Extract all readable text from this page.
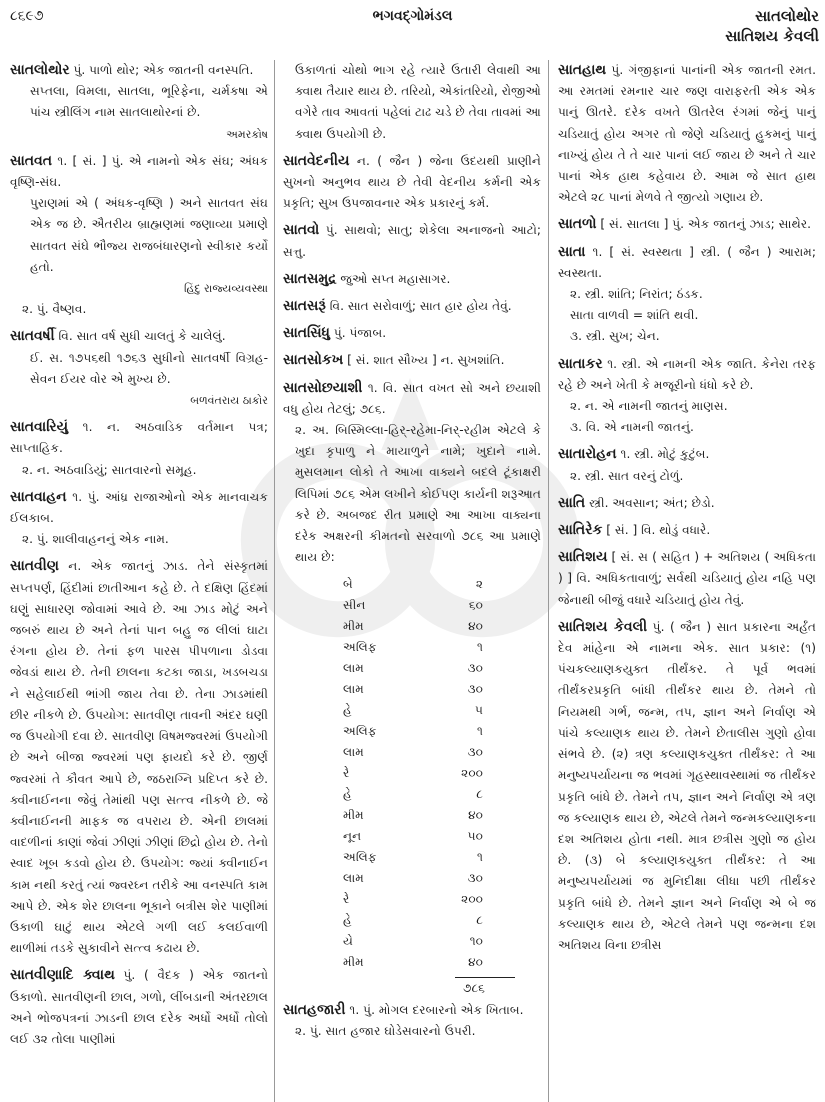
૮૬૯૭	ભગવદ્ગોમંડલ	સાતલોથોર
સાતિશય કેવલી
સાતલોથોર પું. પાળો થોર; એક જાતની વનસ્પતિ.
સપ્તલા, વિમલા, સાતલા, ભૂરિફેના, ચર્મકષા એ પાંચ સ્ત્રીલિંગ નામ સાતલાથોરનાં છે.
અમરકોષ
સાતવત ૧. [ સં. ] પું. એ નામનો એક સંઘ; અંધક વૃષ્ણિ-સંઘ.
પુરાણમાં એ ( અંધક-વૃષ્ણિ ) અને સાતવત સંઘ એક જ છે. ઐતરીય બ્રાહ્મણમાં જણાવ્યા પ્રમાણે સાતવત સંઘે ભૌજ્ય રાજબંધારણનો સ્વીકાર કર્યો હતો.
હિંદુ રાજ્યવ્યવસ્થા
૨. પું. વૈષ્ણવ.
સાતવર્ષી વિ. સાત વર્ષ સુધી ચાલતું કે ચાલેલું.
ઈ. સ. ૧૭૫૬થી ૧૭૬૩ સુધીનો સાતવર્ષી વિગ્રહ-સેવન ઈયર વોર એ મુખ્ય છે.
બળવંતરાય ઠાકોર
સાતવારિયું ૧. ન. અઠવાડિક વર્તમાન પત્ર; સાપ્તાહિક.
૨. ન. અઠવાડિયું; સાતવારનો સમૂહ.
સાતવાહન ૧. પું. આંધ્ર રાજાઓનો એક માનવાચક ઈલકાબ.
૨. પું. શાલીવાહનનું એક નામ.
સાતવીણ ન. એક જાતનું ઝાડ. તેને સંસ્કૃતમાં સપ્તપર્ણ, હિંદીમાં છાતીઆન કહે છે. તે દક્ષિણ હિંદમાં ઘણું સાધારણ જોવામાં આવે છે. આ ઝાડ મોટું અને જબરું થાય છે અને તેનાં પાન બહુ જ લીલાં ઘાટા રંગના હોય છે. તેનાં ફળ પારસ પીપળાના ડોડવા જેવડાં થાય છે. તેની છાલના કટકા જાડા, ખડબચડા ને સહેલાઈથી ભાંગી જાય તેવા છે. તેના ઝાડમાંથી છીર નીકળે છે. ઉપયોગ: સાતવીણ તાવની અંદર ઘણી જ ઉપયોગી દવા છે. સાતવીણ વિષમજ્વરમાં ઉપયોગી છે અને બીજા જ્વરમાં પણ ફાયદો કરે છે. જીર્ણ જ્વરમાં તે કૌવત આપે છે, જઠરાગ્નિ પ્રદિપ્ત કરે છે. ક્વીનાઈનના જેવું તેમાંથી પણ સત્ત્વ નીકળે છે. જે ક્વીનાઈનની માફક જ વપરાય છે. એની છાલમાં વાદળીનાં કાણાં જેવાં ઝીણાં ઝીણાં છિદ્રો હોય છે. તેનો સ્વાદ ખૂબ કડવો હોય છે. ઉપયોગ: જ્યાં ક્વીનાઈન કામ નથી કરતું ત્યાં જ્વરઘ્ન તરીકે આ વનસ્પતિ કામ આપે છે. એક શેર છાલના ભૂકાને બત્રીસ શેર પાણીમાં ઉકાળી ઘાટું થાય એટલે ગળી લઈ કલઈવાળી થાળીમાં તડકે સુકાવીને સત્ત્વ કઢાય છે.
સાતવીણાદિ ક્વાથ પું. ( વૈદક ) એક જાતનો ઉકાળો. સાતવીણની છાલ, ગળો, લીંબડાની અંતરછાલ અને ભોજપત્રનાં ઝાડની છાલ દરેક અર્ધો અર્ધો તોલો લઈ ૩૨ તોલા પાણીમાં
ઉકાળતાં ચોથો ભાગ રહે ત્યારે ઉતારી લેવાથી આ ક્વાથ તૈયાર થાય છે. તરિયો, એકાંતરિયો, રોજીઓ વગેરે તાવ આવતાં પહેલાં ટાઢ ચડે છે તેવા તાવમાં આ ક્વાથ ઉપયોગી છે.
સાતવેદનીય ન. ( જૈન ) જેના ઉદયથી પ્રાણીને સુખનો અનુભવ થાય છે તેવી વેદનીય કર્મની એક પ્રકૃતિ; સુખ ઉપજાવનાર એક પ્રકારનું કર્મ.
સાતવો પું. સાથવો; સાતુ; શેકેલા અનાજનો આટો; સત્તુ.
સાતસમુદ્ર જુઓ સપ્ત મહાસાગર.
સાતસરૂં વિ. સાત સરોવાળું; સાત હાર હોય તેવું.
સાતસિંધુ પું. પંજાબ.
સાતસોકખ [ સં. શાત સૌખ્ય ] ન. સુખશાંતિ.
સાતસોછયાશી ૧. વિ. સાત વખત સો અને છયાશી વધુ હોય તેટલું; ૭૮૬.
૨. અ. બિસ્મિલ્લા-હિર્-રહેમા-નિર્-રહીમ એટલે કે ખુદા કૃપાળુ ને માયાળુને નામે; ખુદાને નામે. મુસલમાન લોકો તે આખા વાક્યને બદલે ટૂંકાક્ષરી લિપિમાં ૭૮૬ એમ લખીને કોઈપણ કાર્યની શરૂઆત કરે છે. અબજદ રીત પ્રમાણે આ આખા વાક્યના દરેક અક્ષરની કીમતનો સરવાળો ૭૮૬ આ પ્રમાણે થાય છે:
બે	૨
સીન	૬૦
મીમ	૪૦
અલિફ	૧
લામ	૩૦
લામ	૩૦
હે	૫
અલિફ	૧
લામ	૩૦
રે	૨૦૦
હે	૮
મીમ	૪૦
નૂન	૫૦
અલિફ	૧
લામ	૩૦
રે	૨૦૦
હે	૮
યે	૧૦
મીમ	૪૦
૭૮૬
સાતહજારી ૧. પું. મોગલ દરબારનો એક ખિતાબ.
૨. પું. સાત હજાર ઘોડેસવારનો ઉપરી.
સાતહાથ પું. ગંજીફાનાં પાનાંની એક જાતની રમત. આ રમતમાં રમનાર ચાર જણ વારાફરતી એક એક પાનું ઊતરે. દરેક વખતે ઊતરેલ રંગમાં જેનું પાનું ચડિયાતું હોય અગર તો જેણે ચડિયાતું હુકમનું પાનું નાખ્યું હોય તે તે ચાર પાનાં લઈ જાય છે અને તે ચાર પાનાં એક હાથ કહેવાય છે. આમ જે સાત હાથ એટલે ૨૮ પાનાં મેળવે તે જીત્યો ગણાય છે.
સાતળો [ સં. સાતલા ] પું. એક જાતનું ઝાડ; સાથેર.
સાતા ૧. [ સં. સ્વસ્થતા ] સ્ત્રી. ( જૈન ) આરામ; સ્વસ્થતા.
૨. સ્ત્રી. શાંતિ; નિરાંત; ઠંડક.
સાતા વાળવી = શાંતિ થવી.
૩. સ્ત્રી. સુખ; ચેન.
સાતાકર ૧. સ્ત્રી. એ નામની એક જાતિ. કેનેરા તરફ રહે છે અને ખેતી કે મજૂરીનો ધંધો કરે છે.
૨. ન. એ નામની જાતનું માણસ.
૩. વિ. એ નામની જાતનું.
સાતારોહન ૧. સ્ત્રી. મોટું કુટુંબ.
૨. સ્ત્રી. સાત વરનું ટોળું.
સાતિ સ્ત્રી. અવસાન; અંત; છેડો.
સાતિરેક [ સં. ] વિ. થોડું વધારે.
સાતિશય [ સં. સ ( સહિત ) + અતિશય ( અધિકતા ) ] વિ. અધિકતાવાળું; સર્વથી ચડિયાતું હોય નહિ પણ જેનાથી બીજું વધારે ચડિયાતું હોય તેવું.
સાતિશય કેવલી પું. ( જૈન ) સાત પ્રકારના અર્હંત દેવ માંહેના એ નામના એક. સાત પ્રકાર: (૧) પંચકલ્યાણકયુક્ત તીર્થંકર. તે પૂર્વ ભવમાં તીર્થંકરપ્રકૃતિ બાંધી તીર્થંકર થાય છે. તેમને તો નિયમથી ગર્ભ, જન્મ, તપ, જ્ઞાન અને નિર્વાણ એ પાંચે કલ્યાણક થાય છે. તેમને છેતાલીસ ગુણો હોવા સંભવે છે. (૨) ત્રણ કલ્યાણકયુક્ત તીર્થંકર: તે આ મનુષ્યપર્યાયના જ ભવમાં ગૃહસ્થાવસ્થામાં જ તીર્થંકર પ્રકૃતિ બાંધે છે. તેમને તપ, જ્ઞાન અને નિર્વાણ એ ત્રણ જ કલ્યાણક થાય છે, એટલે તેમને જન્મકલ્યાણકના દશ અતિશય હોતા નથી. માત્ર છત્રીસ ગુણો જ હોય છે. (૩) બે કલ્યાણકયુક્ત તીર્થંકર: તે આ મનુષ્યપર્યાયમાં જ મુનિદીક્ષા લીધા પછી તીર્થંકર પ્રકૃતિ બાંધે છે. તેમને જ્ઞાન અને નિર્વાણ એ બે જ કલ્યાણક થાય છે, એટલે તેમને પણ જન્મના દશ અતિશય વિના છત્રીસ
